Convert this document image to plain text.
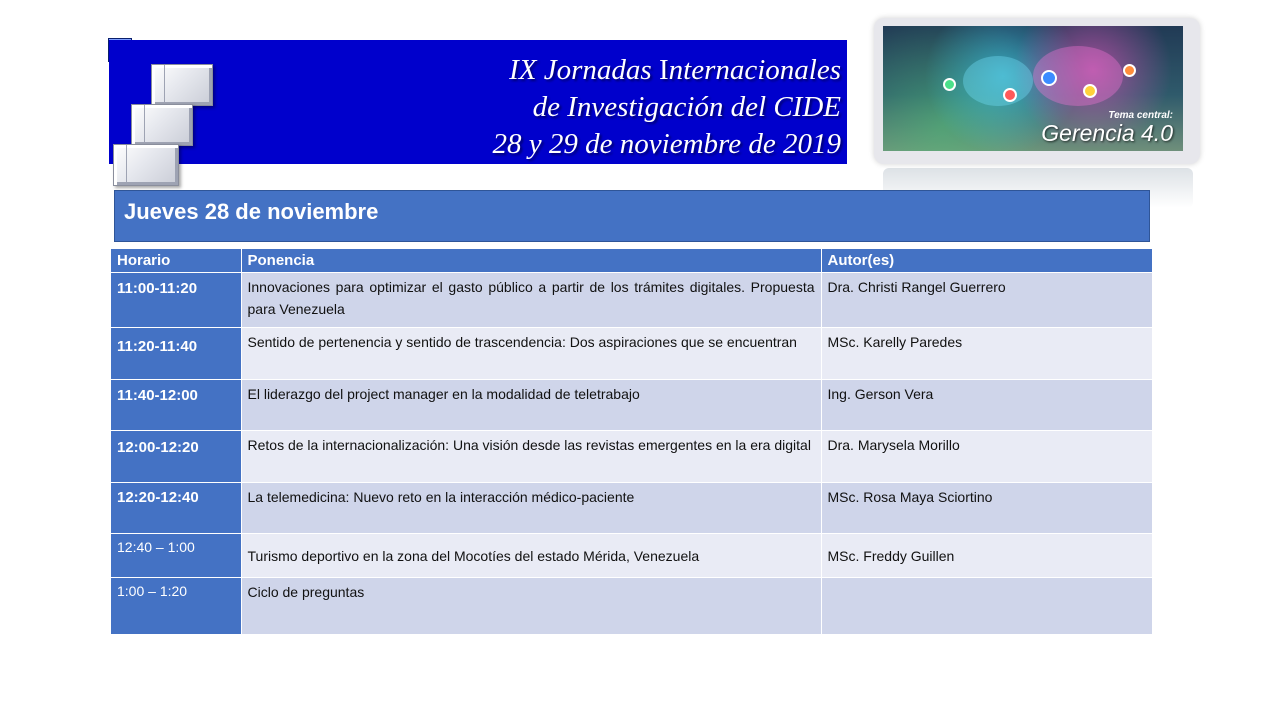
IX Jornadas Internacionales
de Investigación del CIDE
28 y 29 de noviembre de 2019
Tema central:
Gerencia 4.0
Jueves 28 de noviembre
Horario	Ponencia	Autor(es)
11:00-11:20	Innovaciones para optimizar el gasto público a partir de los trámites digitales. Propuesta para Venezuela	Dra. Christi Rangel Guerrero
11:20-11:40	Sentido de pertenencia y sentido de trascendencia: Dos aspiraciones que se encuentran	MSc. Karelly Paredes
11:40-12:00	El liderazgo del project manager en la modalidad de teletrabajo	Ing. Gerson Vera
12:00-12:20	Retos de la internacionalización: Una visión desde las revistas emergentes en la era digital	Dra. Marysela Morillo
12:20-12:40	La telemedicina: Nuevo reto en la interacción médico-paciente	MSc. Rosa Maya Sciortino
12:40 – 1:00	Turismo deportivo en la zona del Mocotíes del estado Mérida, Venezuela	MSc. Freddy Guillen
1:00 – 1:20	Ciclo de preguntas	
